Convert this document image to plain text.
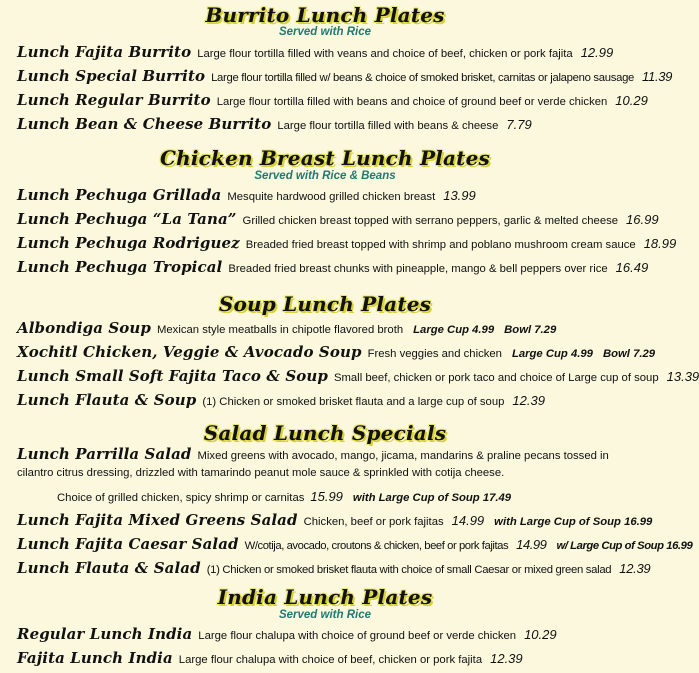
Burrito Lunch Plates
Served with Rice
Lunch Fajita Burrito Large flour tortilla filled with veans and choice of beef, chicken or pork fajita 12.99
Lunch Special Burrito Large flour tortilla filled w/ beans & choice of smoked brisket, carnitas or jalapeno sausage 11.39
Lunch Regular Burrito Large flour tortilla filled with beans and choice of ground beef or verde chicken 10.29
Lunch Bean & Cheese Burrito Large flour tortilla filled with beans & cheese 7.79
Chicken Breast Lunch Plates
Served with Rice & Beans
Lunch Pechuga Grillada Mesquite hardwood grilled chicken breast 13.99
Lunch Pechuga “La Tana” Grilled chicken breast topped with serrano peppers, garlic & melted cheese 16.99
Lunch Pechuga Rodriguez Breaded fried breast topped with shrimp and poblano mushroom cream sauce 18.99
Lunch Pechuga Tropical Breaded fried breast chunks with pineapple, mango & bell peppers over rice 16.49
Soup Lunch Plates
Albondiga Soup Mexican style meatballs in chipotle flavored broth Large Cup 4.99 Bowl 7.29
Xochitl Chicken, Veggie & Avocado Soup Fresh veggies and chicken Large Cup 4.99 Bowl 7.29
Lunch Small Soft Fajita Taco & Soup Small beef, chicken or pork taco and choice of Large cup of soup 13.39
Lunch Flauta & Soup (1) Chicken or smoked brisket flauta and a large cup of soup 12.39
Salad Lunch Specials
Lunch Parrilla Salad Mixed greens with avocado, mango, jicama, mandarins & praline pecans tossed in cilantro citrus dressing, drizzled with tamarindo peanut mole sauce & sprinkled with cotija cheese.
Choice of grilled chicken, spicy shrimp or carnitas 15.99 with Large Cup of Soup 17.49
Lunch Fajita Mixed Greens Salad Chicken, beef or pork fajitas 14.99 with Large Cup of Soup 16.99
Lunch Fajita Caesar Salad W/cotija, avocado, croutons & chicken, beef or pork fajitas 14.99 w/ Large Cup of Soup 16.99
Lunch Flauta & Salad (1) Chicken or smoked brisket flauta with choice of small Caesar or mixed green salad 12.39
India Lunch Plates
Served with Rice
Regular Lunch India Large flour chalupa with choice of ground beef or verde chicken 10.29
Fajita Lunch India Large flour chalupa with choice of beef, chicken or pork fajita 12.39
